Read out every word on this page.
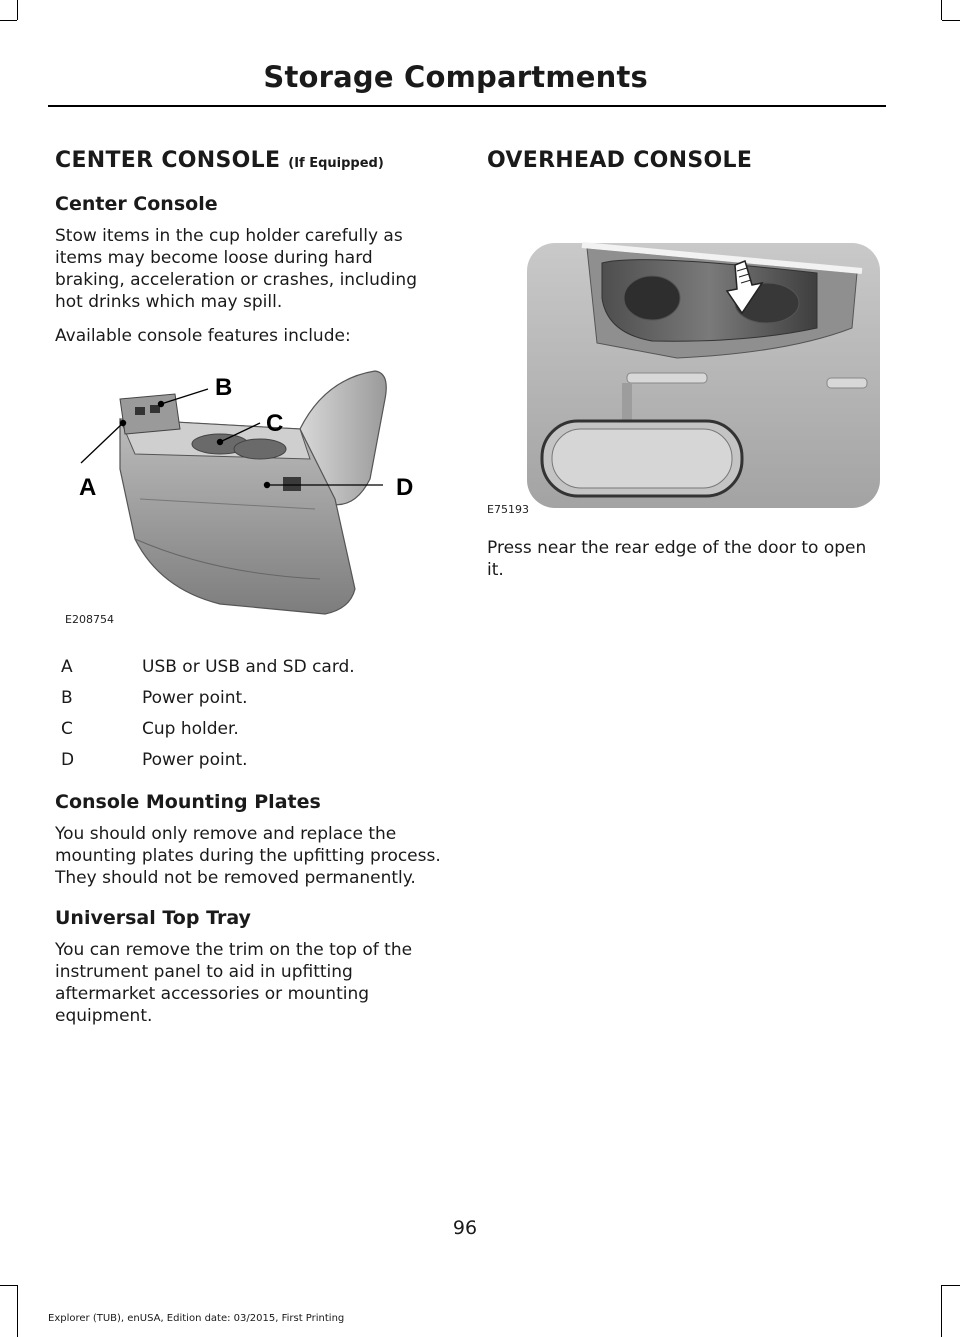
Storage Compartments
CENTER CONSOLE (If Equipped)
Center Console

Stow items in the cup holder carefully as items may become loose during hard braking, acceleration or crashes, including hot drinks which may spill.

Available console features include:

A
B
C
D
E208754
A	USB or USB and SD card.
B	Power point.
C	Cup holder.
D	Power point.
Console Mounting Plates

You should only remove and replace the mounting plates during the upfitting process. They should not be removed permanently.

Universal Top Tray

You can remove the trim on the top of the instrument panel to aid in upfitting aftermarket accessories or mounting equipment.

OVERHEAD CONSOLE
E75193

Press near the rear edge of the door to open it.

96
Explorer (TUB), enUSA, Edition date: 03/2015, First Printing
